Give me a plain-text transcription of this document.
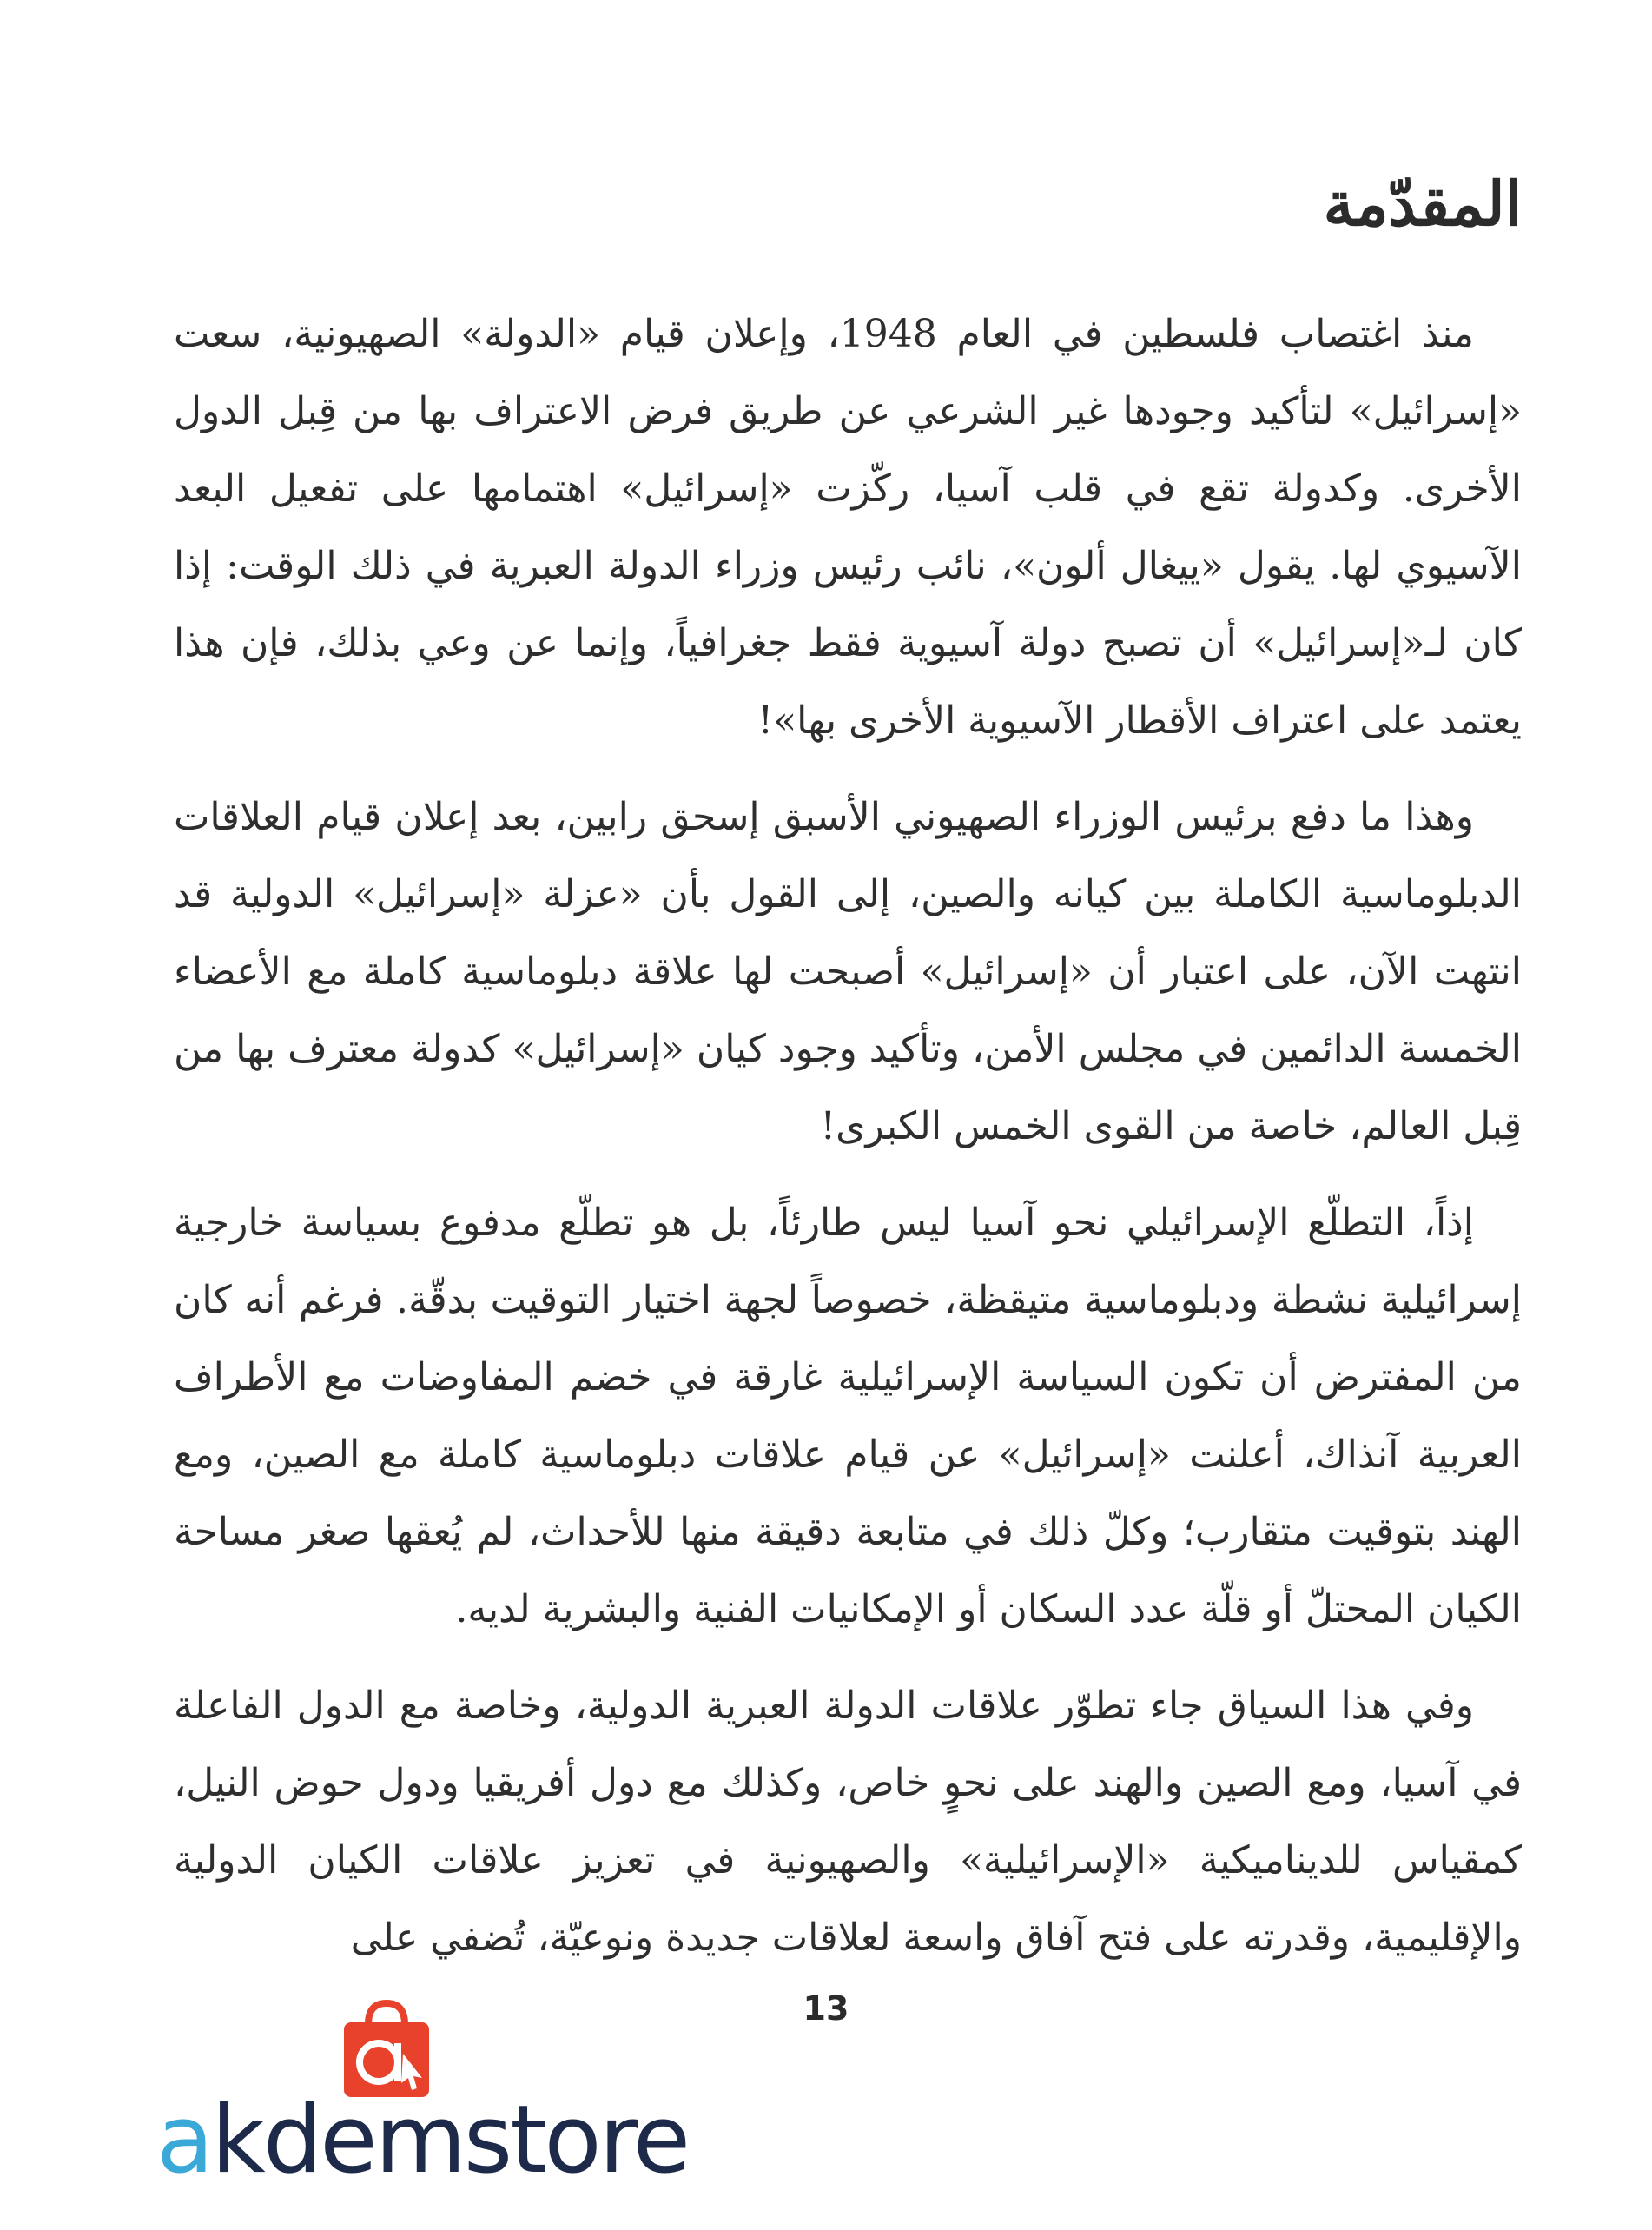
المقدّمة

منذ اغتصاب فلسطين في العام 1948، وإعلان قيام «الدولة» الصهيونية، سعت «إسرائيل» لتأكيد وجودها غير الشرعي عن طريق فرض الاعتراف بها من قِبل الدول الأخرى. وكدولة تقع في قلب آسيا، ركّزت «إسرائيل» اهتمامها على تفعيل البعد الآسيوي لها. يقول «ييغال ألون»، نائب رئيس وزراء الدولة العبرية في ذلك الوقت: إذا كان لـ«إسرائيل» أن تصبح دولة آسيوية فقط جغرافياً، وإنما عن وعي بذلك، فإن هذا يعتمد على اعتراف الأقطار الآسيوية الأخرى بها»!

وهذا ما دفع برئيس الوزراء الصهيوني الأسبق إسحق رابين، بعد إعلان قيام العلاقات الدبلوماسية الكاملة بين كيانه والصين، إلى القول بأن «عزلة «إسرائيل» الدولية قد انتهت الآن، على اعتبار أن «إسرائيل» أصبحت لها علاقة دبلوماسية كاملة مع الأعضاء الخمسة الدائمين في مجلس الأمن، وتأكيد وجود كيان «إسرائيل» كدولة معترف بها من قِبل العالم، خاصة من القوى الخمس الكبرى!

إذاً، التطلّع الإسرائيلي نحو آسيا ليس طارئاً، بل هو تطلّع مدفوع بسياسة خارجية إسرائيلية نشطة ودبلوماسية متيقظة، خصوصاً لجهة اختيار التوقيت بدقّة. فرغم أنه كان من المفترض أن تكون السياسة الإسرائيلية غارقة في خضم المفاوضات مع الأطراف العربية آنذاك، أعلنت «إسرائيل» عن قيام علاقات دبلوماسية كاملة مع الصين، ومع الهند بتوقيت متقارب؛ وكلّ ذلك في متابعة دقيقة منها للأحداث، لم يُعقها صغر مساحة الكيان المحتلّ أو قلّة عدد السكان أو الإمكانيات الفنية والبشرية لديه.

وفي هذا السياق جاء تطوّر علاقات الدولة العبرية الدولية، وخاصة مع الدول الفاعلة في آسيا، ومع الصين والهند على نحوٍ خاص، وكذلك مع دول أفريقيا ودول حوض النيل، كمقياس للديناميكية «الإسرائيلية» والصهيونية في تعزيز علاقات الكيان الدولية والإقليمية، وقدرته على فتح آفاق واسعة لعلاقات جديدة ونوعيّة، تُضفي على

13
akdemstore
